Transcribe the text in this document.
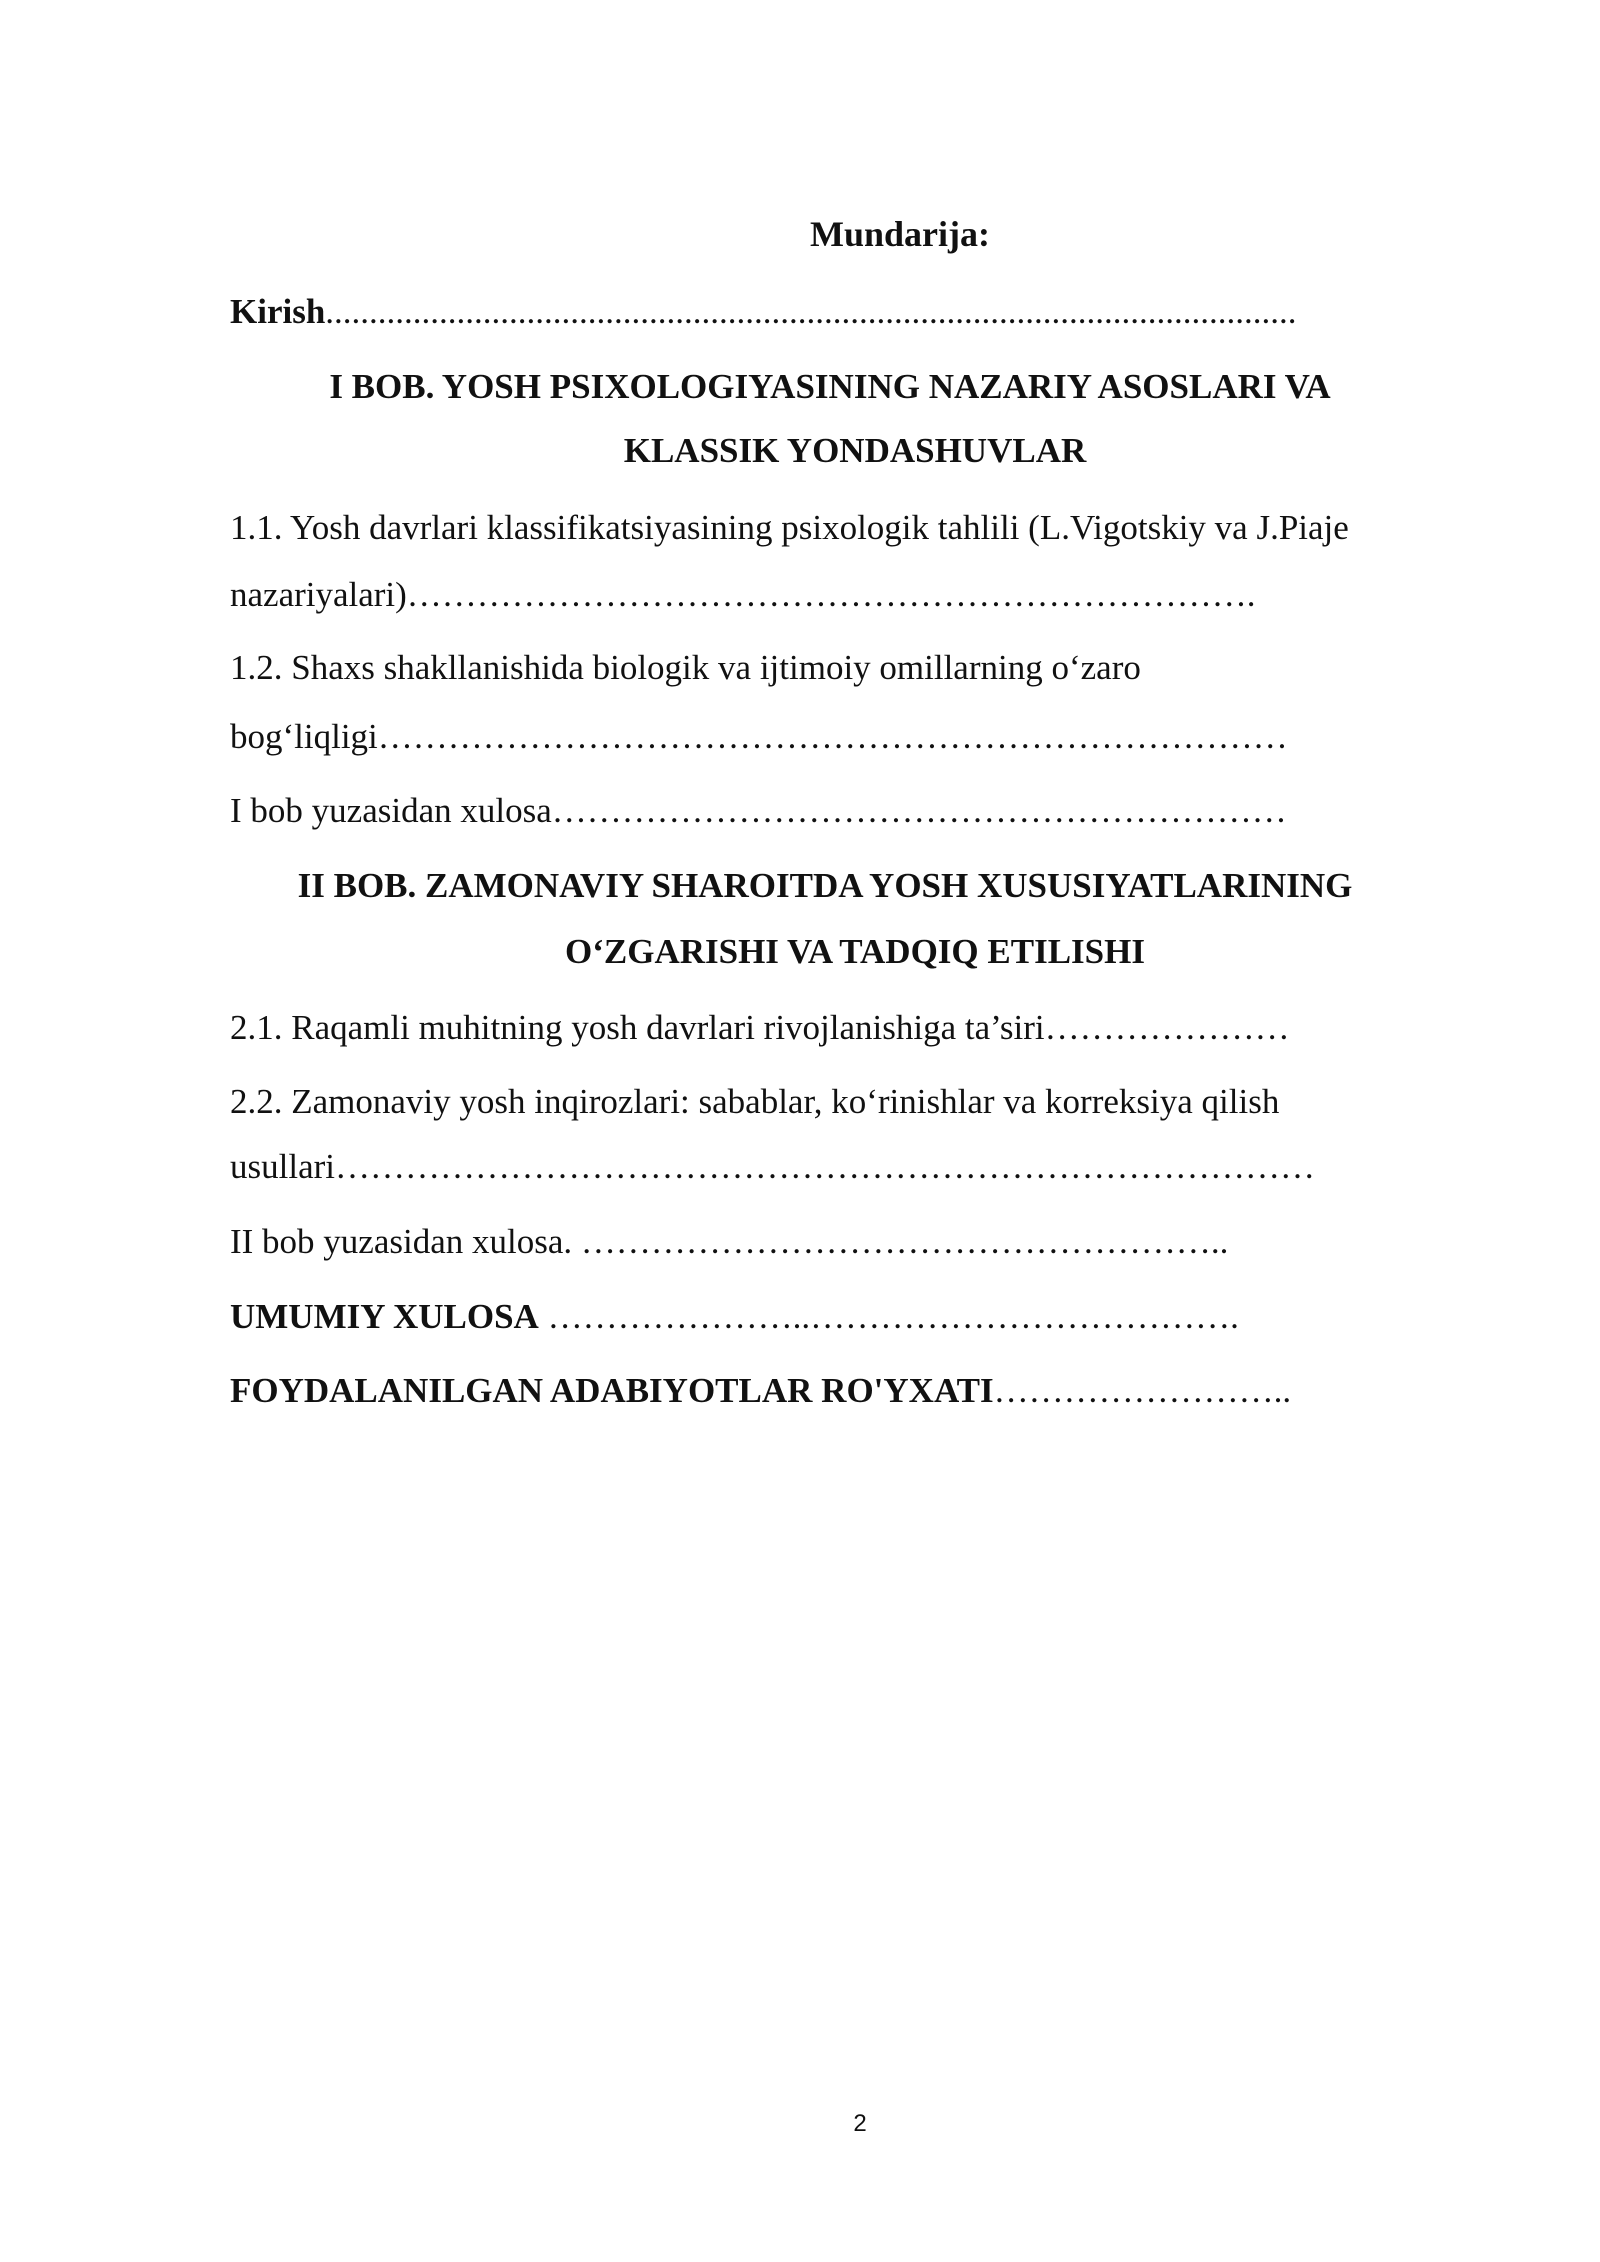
Mundarija:
Kirish...............................................................................................................
I BOB. YOSH PSIXOLOGIYASINING NAZARIY ASOSLARI VA
KLASSIK YONDASHUVLAR
1.1. Yosh davrlari klassifikatsiyasining psixologik tahlili (L.Vigotskiy va J.Piaje
nazariyalari)……………………………………………………………….
1.2. Shaxs shakllanishida biologik va ijtimoiy omillarning o‘zaro
bog‘liqligi……………………………………………………………………
I bob yuzasidan xulosa………………………………………………………
II BOB. ZAMONAVIY SHAROITDA YOSH XUSUSIYATLARINING
O‘ZGARISHI VA TADQIQ ETILISHI
2.1. Raqamli muhitning yosh davrlari rivojlanishiga ta’siri…………………
2.2. Zamonaviy yosh inqirozlari: sabablar, ko‘rinishlar va korreksiya qilish
usullari…………………………………………………………………………
II bob yuzasidan xulosa. ………………………………………………..
UMUMIY XULOSA …………………..……………………………….
FOYDALANILGAN ADABIYOTLAR RO'YXATI……………………..
2
